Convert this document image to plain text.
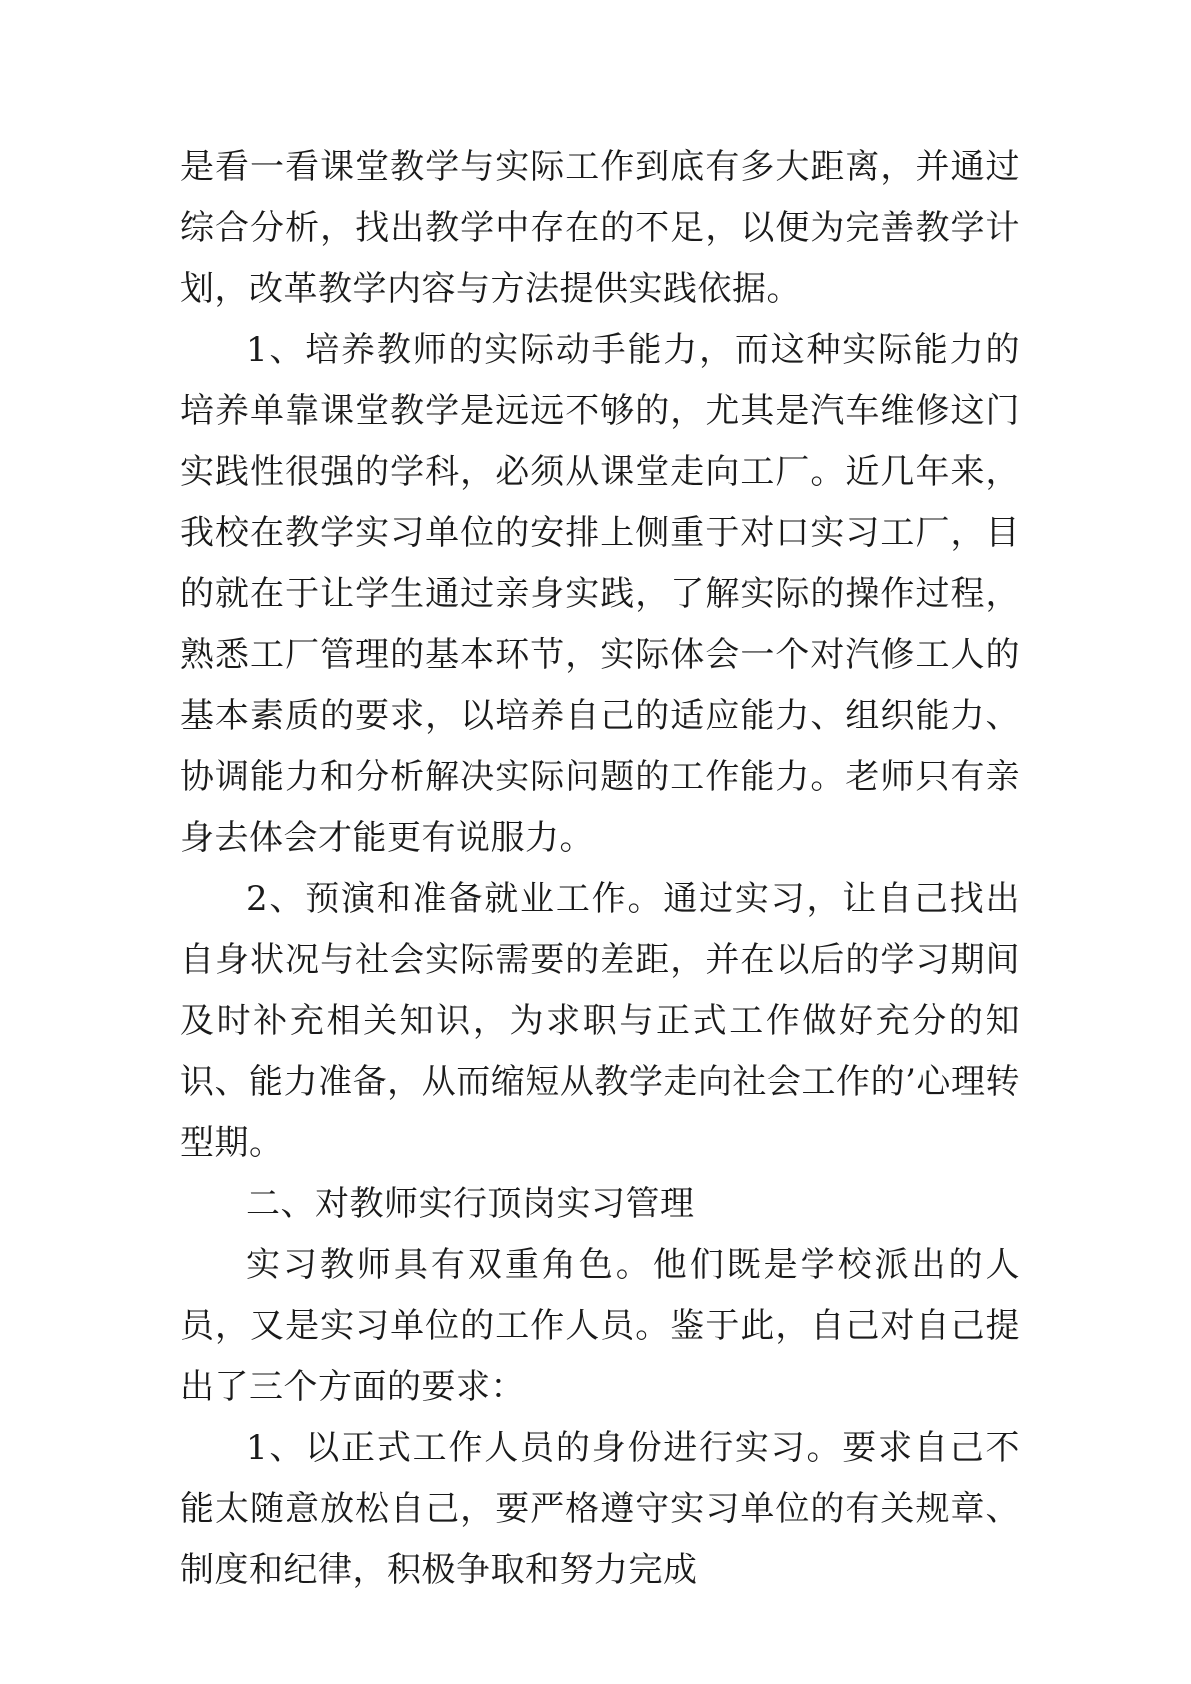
是看一看课堂教学与实际工作到底有多大距离，并通过综合分析，找出教学中存在的不足，以便为完善教学计划，改革教学内容与方法提供实践依据。

1、培养教师的实际动手能力，而这种实际能力的培养单靠课堂教学是远远不够的，尤其是汽车维修这门实践性很强的学科，必须从课堂走向工厂。近几年来，我校在教学实习单位的安排上侧重于对口实习工厂，目的就在于让学生通过亲身实践，了解实际的操作过程，熟悉工厂管理的基本环节，实际体会一个对汽修工人的基本素质的要求，以培养自己的适应能力、组织能力、协调能力和分析解决实际问题的工作能力。老师只有亲身去体会才能更有说服力。

2、预演和准备就业工作。通过实习，让自己找出自身状况与社会实际需要的差距，并在以后的学习期间及时补充相关知识，为求职与正式工作做好充分的知识、能力准备，从而缩短从教学走向社会工作的’心理转型期。

二、对教师实行顶岗实习管理

实习教师具有双重角色。他们既是学校派出的人员，又是实习单位的工作人员。鉴于此，自己对自己提出了三个方面的要求：

1、以正式工作人员的身份进行实习。要求自己不能太随意放松自己，要严格遵守实习单位的有关规章、制度和纪律，积极争取和努力完成
